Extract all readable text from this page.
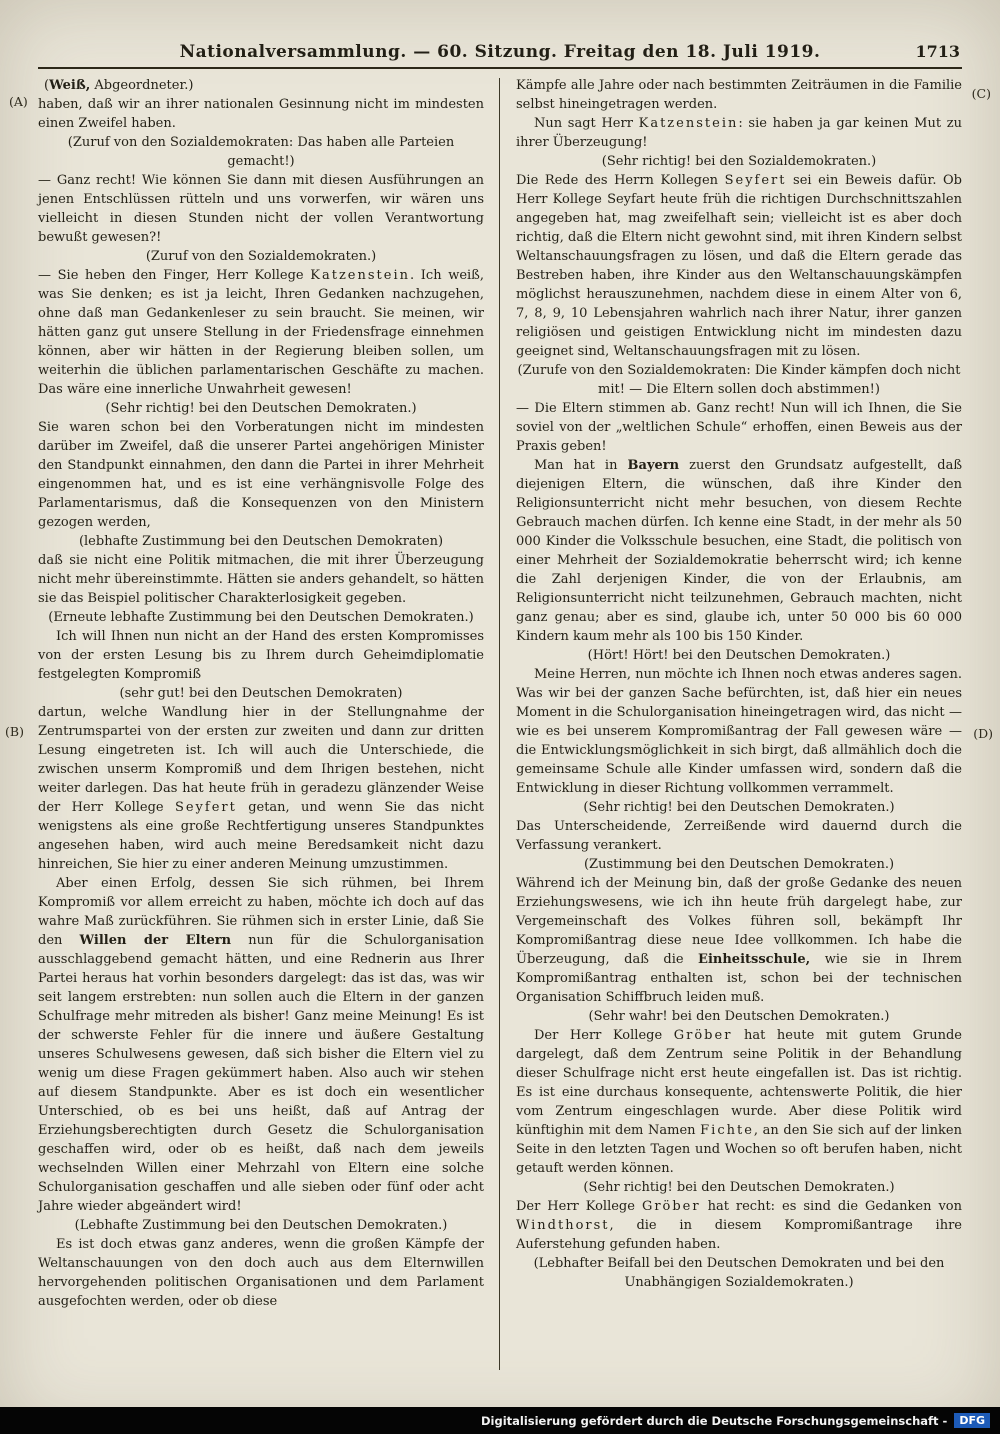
Nationalversammlung. — 60. Sitzung. Freitag den 18. Juli 1919.	1713
(A)
(B)
(C)
(D)

(Weiß, Abgeordneter.)

haben, daß wir an ihrer nationalen Gesinnung nicht im mindesten einen Zweifel haben.

(Zuruf von den Sozialdemokraten: Das haben alle Parteien gemacht!)

— Ganz recht! Wie können Sie dann mit diesen Ausführungen an jenen Entschlüssen rütteln und uns vorwerfen, wir wären uns vielleicht in diesen Stunden nicht der vollen Verantwortung bewußt gewesen?!

(Zuruf von den Sozialdemokraten.)

— Sie heben den Finger, Herr Kollege Katzenstein. Ich weiß, was Sie denken; es ist ja leicht, Ihren Gedanken nachzugehen, ohne daß man Gedankenleser zu sein braucht. Sie meinen, wir hätten ganz gut unsere Stellung in der Friedensfrage einnehmen können, aber wir hätten in der Regierung bleiben sollen, um weiterhin die üblichen parlamentarischen Geschäfte zu machen. Das wäre eine innerliche Unwahrheit gewesen!

(Sehr richtig! bei den Deutschen Demokraten.)

Sie waren schon bei den Vorberatungen nicht im mindesten darüber im Zweifel, daß die unserer Partei angehörigen Minister den Standpunkt einnahmen, den dann die Partei in ihrer Mehrheit eingenommen hat, und es ist eine verhängnisvolle Folge des Parlamentarismus, daß die Konsequenzen von den Ministern gezogen werden,

(lebhafte Zustimmung bei den Deutschen Demokraten)

daß sie nicht eine Politik mitmachen, die mit ihrer Überzeugung nicht mehr übereinstimmte. Hätten sie anders gehandelt, so hätten sie das Beispiel politischer Charakterlosigkeit gegeben.

(Erneute lebhafte Zustimmung bei den Deutschen Demokraten.)

Ich will Ihnen nun nicht an der Hand des ersten Kompromisses von der ersten Lesung bis zu Ihrem durch Geheimdiplomatie festgelegten Kompromiß

(sehr gut! bei den Deutschen Demokraten)

dartun, welche Wandlung hier in der Stellungnahme der Zentrumspartei von der ersten zur zweiten und dann zur dritten Lesung eingetreten ist. Ich will auch die Unterschiede, die zwischen unserm Kompromiß und dem Ihrigen bestehen, nicht weiter darlegen. Das hat heute früh in geradezu glänzender Weise der Herr Kollege Seyfert getan, und wenn Sie das nicht wenigstens als eine große Rechtfertigung unseres Standpunktes angesehen haben, wird auch meine Beredsamkeit nicht dazu hinreichen, Sie hier zu einer anderen Meinung umzustimmen.

Aber einen Erfolg, dessen Sie sich rühmen, bei Ihrem Kompromiß vor allem erreicht zu haben, möchte ich doch auf das wahre Maß zurückführen. Sie rühmen sich in erster Linie, daß Sie den Willen der Eltern nun für die Schulorganisation ausschlaggebend gemacht hätten, und eine Rednerin aus Ihrer Partei heraus hat vorhin besonders dargelegt: das ist das, was wir seit langem erstrebten: nun sollen auch die Eltern in der ganzen Schulfrage mehr mitreden als bisher! Ganz meine Meinung! Es ist der schwerste Fehler für die innere und äußere Gestaltung unseres Schulwesens gewesen, daß sich bisher die Eltern viel zu wenig um diese Fragen gekümmert haben. Also auch wir stehen auf diesem Standpunkte. Aber es ist doch ein wesentlicher Unterschied, ob es bei uns heißt, daß auf Antrag der Erziehungsberechtigten durch Gesetz die Schulorganisation geschaffen wird, oder ob es heißt, daß nach dem jeweils wechselnden Willen einer Mehrzahl von Eltern eine solche Schulorganisation geschaffen und alle sieben oder fünf oder acht Jahre wieder abgeändert wird!

(Lebhafte Zustimmung bei den Deutschen Demokraten.)

Es ist doch etwas ganz anderes, wenn die großen Kämpfe der Weltanschauungen von den doch auch aus dem Elternwillen hervorgehenden politischen Organisationen und dem Parlament ausgefochten werden, oder ob diese

Kämpfe alle Jahre oder nach bestimmten Zeiträumen in die Familie selbst hineingetragen werden.

Nun sagt Herr Katzenstein: sie haben ja gar keinen Mut zu ihrer Überzeugung!

(Sehr richtig! bei den Sozialdemokraten.)

Die Rede des Herrn Kollegen Seyfert sei ein Beweis dafür. Ob Herr Kollege Seyfart heute früh die richtigen Durchschnittszahlen angegeben hat, mag zweifelhaft sein; vielleicht ist es aber doch richtig, daß die Eltern nicht gewohnt sind, mit ihren Kindern selbst Weltanschauungsfragen zu lösen, und daß die Eltern gerade das Bestreben haben, ihre Kinder aus den Weltanschauungskämpfen möglichst herauszunehmen, nachdem diese in einem Alter von 6, 7, 8, 9, 10 Lebensjahren wahrlich nach ihrer Natur, ihrer ganzen religiösen und geistigen Entwicklung nicht im mindesten dazu geeignet sind, Weltanschauungsfragen mit zu lösen.

(Zurufe von den Sozialdemokraten: Die Kinder kämpfen doch nicht mit! — Die Eltern sollen doch abstimmen!)

— Die Eltern stimmen ab. Ganz recht! Nun will ich Ihnen, die Sie soviel von der „weltlichen Schule“ erhoffen, einen Beweis aus der Praxis geben!

Man hat in Bayern zuerst den Grundsatz aufgestellt, daß diejenigen Eltern, die wünschen, daß ihre Kinder den Religionsunterricht nicht mehr besuchen, von diesem Rechte Gebrauch machen dürfen. Ich kenne eine Stadt, in der mehr als 50 000 Kinder die Volksschule besuchen, eine Stadt, die politisch von einer Mehrheit der Sozialdemokratie beherrscht wird; ich kenne die Zahl derjenigen Kinder, die von der Erlaubnis, am Religionsunterricht nicht teilzunehmen, Gebrauch machten, nicht ganz genau; aber es sind, glaube ich, unter 50 000 bis 60 000 Kindern kaum mehr als 100 bis 150 Kinder.

(Hört! Hört! bei den Deutschen Demokraten.)

Meine Herren, nun möchte ich Ihnen noch etwas anderes sagen. Was wir bei der ganzen Sache befürchten, ist, daß hier ein neues Moment in die Schulorganisation hineingetragen wird, das nicht — wie es bei unserem Kompromißantrag der Fall gewesen wäre — die Entwicklungsmöglichkeit in sich birgt, daß allmählich doch die gemeinsame Schule alle Kinder umfassen wird, sondern daß die Entwicklung in dieser Richtung vollkommen verrammelt.

(Sehr richtig! bei den Deutschen Demokraten.)

Das Unterscheidende, Zerreißende wird dauernd durch die Verfassung verankert.

(Zustimmung bei den Deutschen Demokraten.)

Während ich der Meinung bin, daß der große Gedanke des neuen Erziehungswesens, wie ich ihn heute früh dargelegt habe, zur Vergemeinschaft des Volkes führen soll, bekämpft Ihr Kompromißantrag diese neue Idee vollkommen. Ich habe die Überzeugung, daß die Einheitsschule, wie sie in Ihrem Kompromißantrag enthalten ist, schon bei der technischen Organisation Schiffbruch leiden muß.

(Sehr wahr! bei den Deutschen Demokraten.)

Der Herr Kollege Gröber hat heute mit gutem Grunde dargelegt, daß dem Zentrum seine Politik in der Behandlung dieser Schulfrage nicht erst heute eingefallen ist. Das ist richtig. Es ist eine durchaus konsequente, achtenswerte Politik, die hier vom Zentrum eingeschlagen wurde. Aber diese Politik wird künftighin mit dem Namen Fichte, an den Sie sich auf der linken Seite in den letzten Tagen und Wochen so oft berufen haben, nicht getauft werden können.

(Sehr richtig! bei den Deutschen Demokraten.)

Der Herr Kollege Gröber hat recht: es sind die Gedanken von Windthorst, die in diesem Kompromißantrage ihre Auferstehung gefunden haben.

(Lebhafter Beifall bei den Deutschen Demokraten und bei den Unabhängigen Sozialdemokraten.)

Digitalisierung gefördert durch die Deutsche Forschungsgemeinschaft -	DFG
